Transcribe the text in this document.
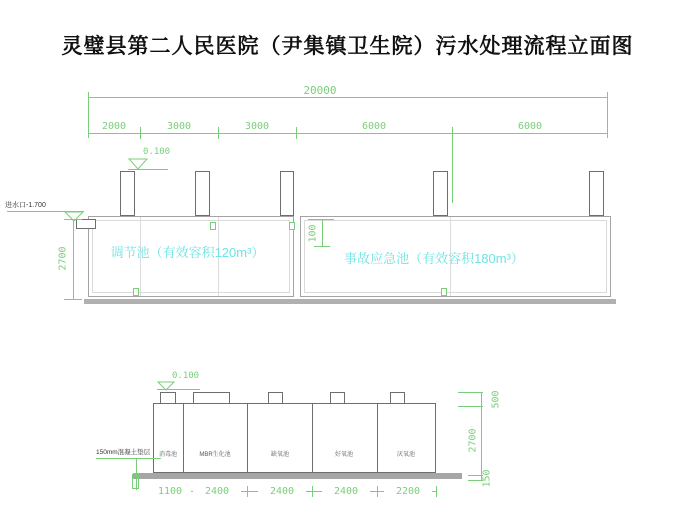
灵璧县第二人民医院（尹集镇卫生院）污水处理流程立面图
20000
2000	3000	3000	6000	6000
0.100
调节池（有效容积120m³）	事故应急池（有效容积180m³）
进水口-1.700
2700
100
0.100
消毒池	MBR生化池	缺氧池	好氧池	厌氧池
150mm混凝土垫层
1100	2400	2400	2400	2200
500
2700
150
